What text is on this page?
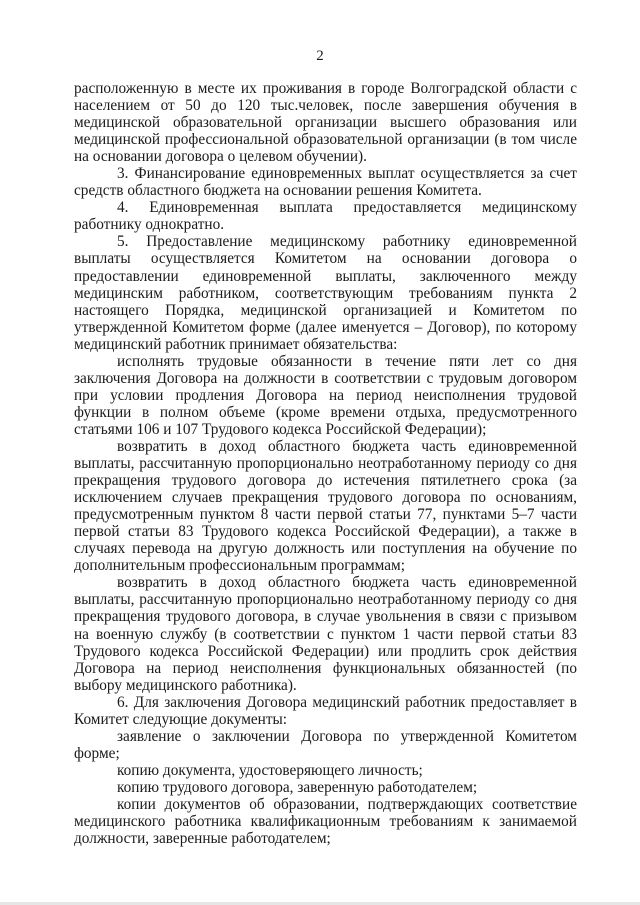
2

расположенную в месте их проживания в городе Волгоградской области с населением от 50 до 120 тыс.человек, после завершения обучения в медицинской образовательной организации высшего образования или медицинской профессиональной образовательной организации (в том числе на основании договора о целевом обучении).

3. Финансирование единовременных выплат осуществляется за счет средств областного бюджета на основании решения Комитета.

4. Единовременная выплата предоставляется медицинскому работнику однократно.

5. Предоставление медицинскому работнику единовременной выплаты осуществляется Комитетом на основании договора о предоставлении единовременной выплаты, заключенного между медицинским работником, соответствующим требованиям пункта 2 настоящего Порядка, медицинской организацией и Комитетом по утвержденной Комитетом форме (далее именуется – Договор), по которому медицинский работник принимает обязательства:

исполнять трудовые обязанности в течение пяти лет со дня заключения Договора на должности в соответствии с трудовым договором при условии продления Договора на период неисполнения трудовой функции в полном объеме (кроме времени отдыха, предусмотренного статьями 106 и 107 Трудового кодекса Российской Федерации);

возвратить в доход областного бюджета часть единовременной выплаты, рассчитанную пропорционально неотработанному периоду со дня прекращения трудового договора до истечения пятилетнего срока (за исключением случаев прекращения трудового договора по основаниям, предусмотренным пунктом 8 части первой статьи 77, пунктами 5–7 части первой статьи 83 Трудового кодекса Российской Федерации), а также в случаях перевода на другую должность или поступления на обучение по дополнительным профессиональным программам;

возвратить в доход областного бюджета часть единовременной выплаты, рассчитанную пропорционально неотработанному периоду со дня прекращения трудового договора, в случае увольнения в связи с призывом на военную службу (в соответствии с пунктом 1 части первой статьи 83 Трудового кодекса Российской Федерации) или продлить срок действия Договора на период неисполнения функциональных обязанностей (по выбору медицинского работника).

6. Для заключения Договора медицинский работник предоставляет в Комитет следующие документы:

заявление о заключении Договора по утвержденной Комитетом форме;

копию документа, удостоверяющего личность;

копию трудового договора, заверенную работодателем;

копии документов об образовании, подтверждающих соответствие медицинского работника квалификационным требованиям к занимаемой должности, заверенные работодателем;
